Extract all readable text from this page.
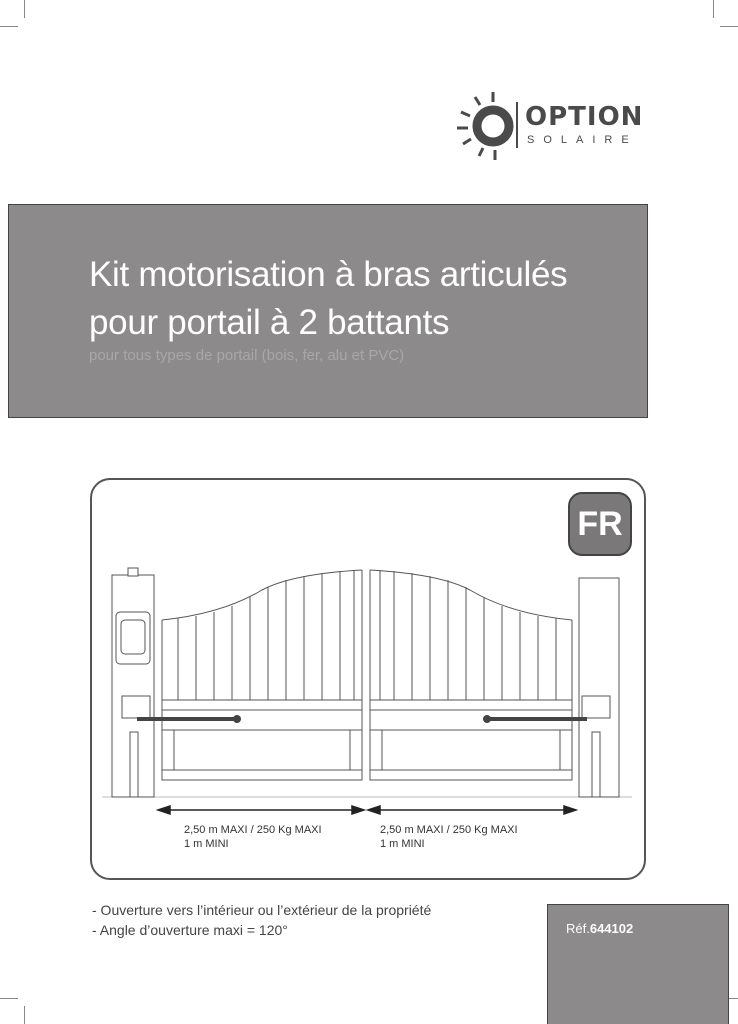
OPTION
SOLAIRE
Kit motorisation à bras articulés
pour portail à 2 battants
pour tous types de portail (bois, fer, alu et PVC)
FR
2,50 m MAXI / 250 Kg MAXI
1 m MINI
2,50 m MAXI / 250 Kg MAXI
1 m MINI
- Ouverture vers l’intérieur ou l’extérieur de la propriété
- Angle d’ouverture maxi = 120°	Réf.644102
